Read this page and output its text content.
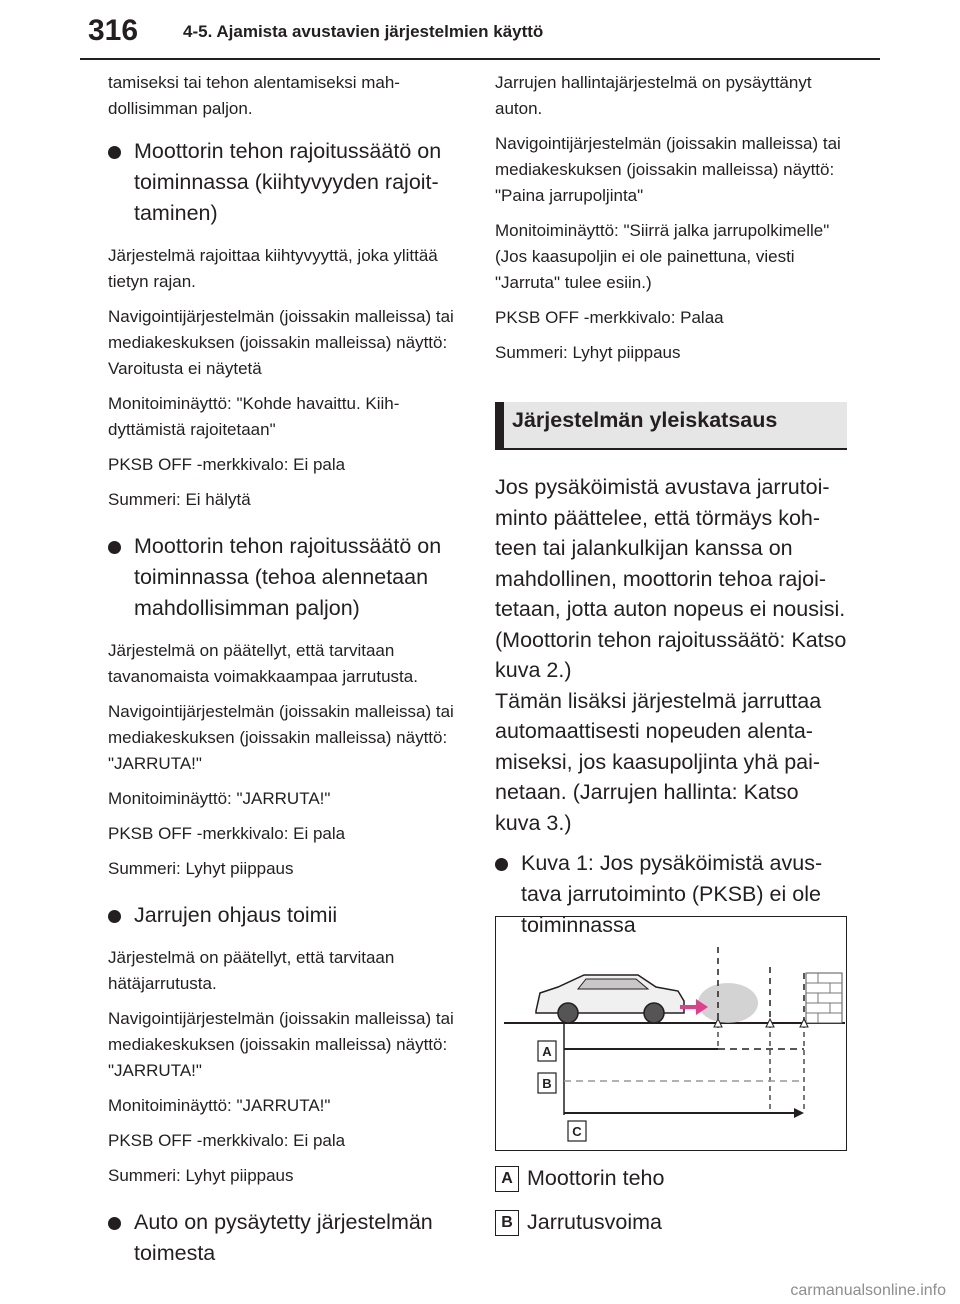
316	4-5. Ajamista avustavien järjestelmien käyttö

tamiseksi tai tehon alentamiseksi mahdollisimman paljon.

Moottorin tehon rajoitussäätö on toiminnassa (kiihtyvyyden rajoittaminen)

Järjestelmä rajoittaa kiihtyvyyttä, joka ylittää tietyn rajan.

Navigointijärjestelmän (joissakin malleissa) tai mediakeskuksen (joissakin malleissa) näyttö: Varoitusta ei näytetä

Monitoiminäyttö: "Kohde havaittu. Kiihdyttämistä rajoitetaan"

PKSB OFF -merkkivalo: Ei pala

Summeri: Ei hälytä

Moottorin tehon rajoitussäätö on toiminnassa (tehoa alennetaan mahdollisimman paljon)

Järjestelmä on päätellyt, että tarvitaan tavanomaista voimakkaampaa jarrutusta.

Navigointijärjestelmän (joissakin malleissa) tai mediakeskuksen (joissakin malleissa) näyttö: "JARRUTA!"

Monitoiminäyttö: "JARRUTA!"

PKSB OFF -merkkivalo: Ei pala

Summeri: Lyhyt piippaus

Jarrujen ohjaus toimii

Järjestelmä on päätellyt, että tarvitaan hätäjarrutusta.

Navigointijärjestelmän (joissakin malleissa) tai mediakeskuksen (joissakin malleissa) näyttö: "JARRUTA!"

Monitoiminäyttö: "JARRUTA!"

PKSB OFF -merkkivalo: Ei pala

Summeri: Lyhyt piippaus

Auto on pysäytetty järjestelmän toimesta

Jarrujen hallintajärjestelmä on pysäyttänyt auton.

Navigointijärjestelmän (joissakin malleissa) tai mediakeskuksen (joissakin malleissa) näyttö: "Paina jarrupoljinta"

Monitoiminäyttö: "Siirrä jalka jarrupolkimelle" (Jos kaasupoljin ei ole painettuna, viesti "Jarruta" tulee esiin.)

PKSB OFF -merkkivalo: Palaa

Summeri: Lyhyt piippaus

Järjestelmän yleiskatsaus

Jos pysäköimistä avustava jarrutoiminto päättelee, että törmäys kohteen tai jalankulkijan kanssa on mahdollinen, moottorin tehoa rajoitetaan, jotta auton nopeus ei nousisi. (Moottorin tehon rajoitussäätö: Katso kuva 2.)

Tämän lisäksi järjestelmä jarruttaa automaattisesti nopeuden alentamiseksi, jos kaasupoljinta yhä painetaan. (Jarrujen hallinta: Katso kuva 3.)

Kuva 1: Jos pysäköimistä avustava jarrutoiminto (PKSB) ei ole toiminnassa
A
B
C
A Moottorin teho
B Jarrutusvoima
carmanualsonline.info
